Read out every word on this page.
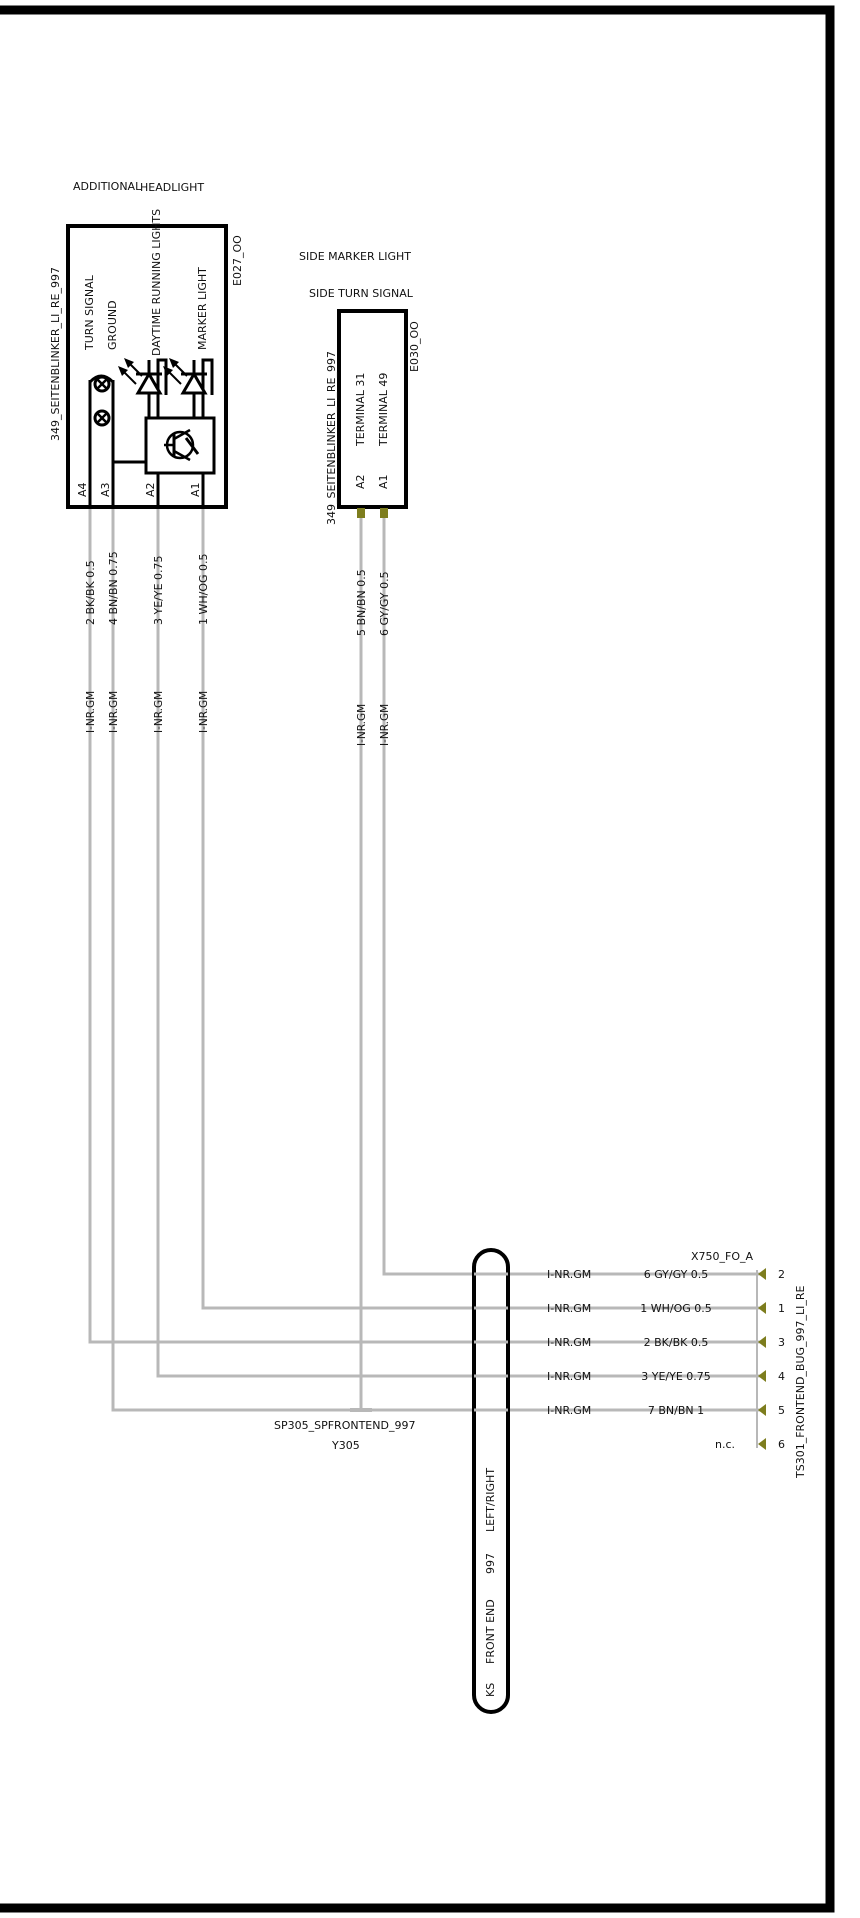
ADDITIONAL
HEADLIGHT
E027_OO
349_SEITENBLINKER_LI_RE_997 TURN SIGNAL GROUND	DAYTIME RUNNING LIGHTS	MARKER LIGHT
A4 A3	A2	A1
2 BK/BK 0.5 4 BN/BN 0.75	3 YE/YE 0.75	1 WH/OG 0.5
I-NR.GM I-NR.GM	I-NR.GM	I-NR.GM
SIDE MARKER LIGHT
SIDE TURN SIGNAL
E030_OO
349_SEITENBLINKER_LI_RE_997 TERMINAL 31 TERMINAL 49
A2 A1
5 BN/BN 0.5 6 GY/GY 0.5
I-NR.GM I-NR.GM
KS
FRONT END
997
LEFT/RIGHT
X750_FO_A
TS301_FRONTEND_BUG_997_LI_RE
I-NR.GM	6 GY/GY 0.5	2
I-NR.GM	1 WH/OG 0.5	1
I-NR.GM	2 BK/BK 0.5	3
I-NR.GM	3 YE/YE 0.75	4
I-NR.GM	7 BN/BN 1	5
n.c.	6
SP305_SPFRONTEND_997
Y305
